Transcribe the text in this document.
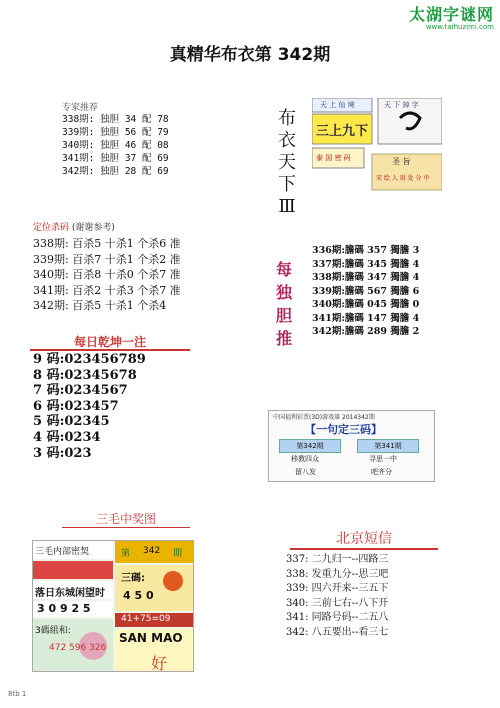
太湖字谜网
www.taihuzimi.com
真精华布衣第 342期
专家推荐
338期: 独胆 34 配 78
339期: 独胆 56 配 79
340期: 独胆 46 配 08
341期: 独胆 37 配 69
342期: 独胆 28 配 69
定位杀码 (谢谢参考)
338期: 百杀5 十杀1 个杀6 准
339期: 百杀7 十杀1 个杀2 准
340期: 百杀8 十杀0 个杀7 准
341期: 百杀2 十杀3 个杀7 准
342期: 百杀5 十杀1 个杀4
每日乾坤一注
9 码:023456789
8 码:02345678
7 码:0234567
6 码:023457
5 码:02345
4 码:0234
3 码:023
三毛中奖图
三毛内部密契	第 342 期
落日东城闲望时
三碼:
4 5 0
3 0 9 2 5
41+75=09
3碼組和:	SAN MAO
472 596 326
好
布
衣
天
下
Ⅲ
天 上 仙 境
三上九下
天 下 掉 字
圣 旨
泰 国 密 码
宋 绘 人 用 处 分 中
每
独
胆
推
336期:膽碼 357 獨膽 3
337期:膽碼 345 獨膽 4
338期:膽碼 347 獨膽 4
339期:膽碼 567 獨膽 6
340期:膽碼 045 獨膽 0
341期:膽碼 147 獨膽 4
342期:膽碼 289 獨膽 2
中国福利彩票(3D)游戏第 2014342期
【一句定三码】
第342期	第341期
移教四众	寻思一中
留八发	吧齐分
北京短信
337: 二九归一--四路三
338: 发重九分--思三吧
339: 四六开来--三五下
340: 三前七右--八下开
341: 同路号码--二五八
342: 八五要出--看三七
8tb 1
